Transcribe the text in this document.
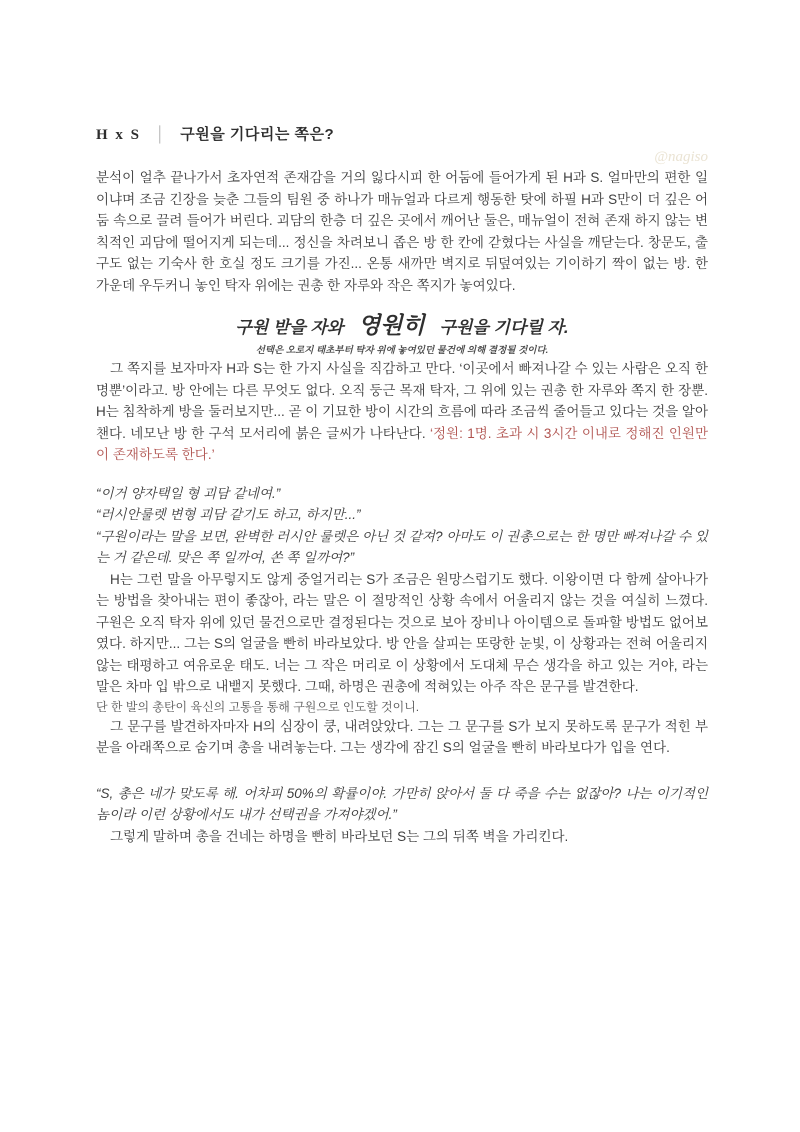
H x S │ 구원을 기다리는 쪽은?
@nagiso

분석이 얼추 끝나가서 초자연적 존재감을 거의 잃다시피 한 어둠에 들어가게 된 H과 S. 얼마만의 편한 일이냐며 조금 긴장을 늦춘 그들의 팀원 중 하나가 매뉴얼과 다르게 행동한 탓에 하필 H과 S만이 더 깊은 어둠 속으로 끌려 들어가 버린다. 괴담의 한층 더 깊은 곳에서 깨어난 둘은, 매뉴얼이 전혀 존재 하지 않는 변칙적인 괴담에 떨어지게 되는데... 정신을 차려보니 좁은 방 한 칸에 갇혔다는 사실을 깨닫는다. 창문도, 출구도 없는 기숙사 한 호실 정도 크기를 가진... 온통 새까만 벽지로 뒤덮여있는 기이하기 짝이 없는 방. 한 가운데 우두커니 놓인 탁자 위에는 권총 한 자루와 작은 쪽지가 놓여있다.

구원 받을 자와 영원히 구원을 기다릴 자.
선택은 오로지 태초부터 탁자 위에 놓여있던 물건에 의해 결정될 것이다.

그 쪽지를 보자마자 H과 S는 한 가지 사실을 직감하고 만다. ‘이곳에서 빠져나갈 수 있는 사람은 오직 한 명뿐’이라고. 방 안에는 다른 무엇도 없다. 오직 둥근 목재 탁자, 그 위에 있는 권총 한 자루와 쪽지 한 장뿐. H는 침착하게 방을 둘러보지만... 곧 이 기묘한 방이 시간의 흐름에 따라 조금씩 줄어들고 있다는 것을 알아챈다. 네모난 방 한 구석 모서리에 붉은 글씨가 나타난다. ‘정원: 1명. 초과 시 3시간 이내로 정해진 인원만이 존재하도록 한다.’

“이거 양자택일 형 괴담 같네여.”

“러시안룰렛 변형 괴담 같기도 하고, 하지만...”

“구원이라는 말을 보면, 완벽한 러시안 룰렛은 아닌 것 같져? 아마도 이 권총으로는 한 명만 빠져나갈 수 있는 거 같은데. 맞은 쪽 일까여, 쏜 쪽 일까여?”

H는 그런 말을 아무렇지도 않게 중얼거리는 S가 조금은 원망스럽기도 했다. 이왕이면 다 함께 살아나가는 방법을 찾아내는 편이 좋잖아, 라는 말은 이 절망적인 상황 속에서 어울리지 않는 것을 여실히 느꼈다. 구원은 오직 탁자 위에 있던 물건으로만 결정된다는 것으로 보아 장비나 아이템으로 돌파할 방법도 없어보였다. 하지만... 그는 S의 얼굴을 빤히 바라보았다. 방 안을 살피는 또랑한 눈빛, 이 상황과는 전혀 어울리지 않는 태평하고 여유로운 태도. 너는 그 작은 머리로 이 상황에서 도대체 무슨 생각을 하고 있는 거야, 라는 말은 차마 입 밖으로 내뱉지 못했다. 그때, 하명은 권총에 적혀있는 아주 작은 문구를 발견한다.

단 한 발의 총탄이 육신의 고통을 통해 구원으로 인도할 것이니.

그 문구를 발견하자마자 H의 심장이 쿵, 내려앉았다. 그는 그 문구를 S가 보지 못하도록 문구가 적힌 부분을 아래쪽으로 숨기며 총을 내려놓는다. 그는 생각에 잠긴 S의 얼굴을 빤히 바라보다가 입을 연다.

“S, 총은 네가 맞도록 해. 어차피 50%의 확률이야. 가만히 앉아서 둘 다 죽을 수는 없잖아? 나는 이기적인 놈이라 이런 상황에서도 내가 선택권을 가져야겠어.”

그렇게 말하며 총을 건네는 하명을 빤히 바라보던 S는 그의 뒤쪽 벽을 가리킨다.
